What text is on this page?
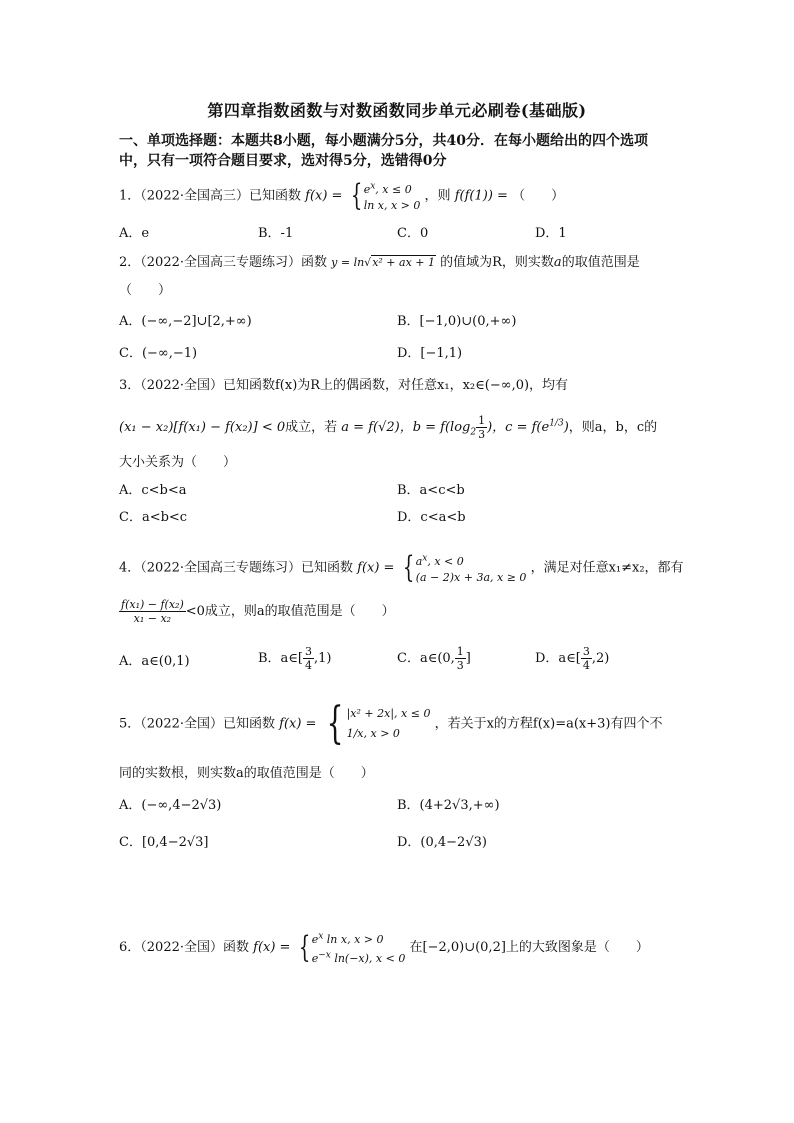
第四章指数函数与对数函数同步单元必刷卷(基础版)
一、单项选择题：本题共8小题，每小题满分5分，共40分．在每小题给出的四个选项
中，只有一项符合题目要求，选对得5分，选错得0分
1．（2022·全国高三）已知函数 f(x) = { $e^x$, x ≤ 0
ln x, x > 0 ，则 f(f(1)) = （　　）
A．e	B．-1	C．0	D．1
2．（2022·全国高三专题练习）函数 y = ln√x² + ax + 1 的值域为R，则实数a的取值范围是
（　　）
A．(−∞,−2]∪[2,+∞)	B．[−1,0)∪(0,+∞)
C．(−∞,−1)	D．[−1,1)
3．（2022·全国）已知函数f(x)为R上的偶函数，对任意x₁，x₂∈(−∞,0)，均有
(x₁ − x₂)[f(x₁) − f(x₂)] < 0成立，若 a = f(√2)，$b = f(\log_2 \frac{1}{3}$ )，$c = f(e^{1/3})$，则a，b，c的
大小关系为（　　）
A．c<b<a	B．a<c<b
C．a<b<c	D．c<a<b
4．（2022·全国高三专题练习）已知函数 f(x) = { $a^x$, x < 0
(a − 2)x + 3a, x ≥ 0 ，满足对任意x₁≠x₂，都有
$\frac{\text{f(x₁) − f(x₂)}}{\text{x₁ − x₂}} <0$成立，则a的取值范围是（　　）
A．a∈(0,1)	B．a∈[ $\frac{3}{4} ,1$)	C．a∈(0, $\frac{1}{3}$ ]	D．a∈[ $\frac{3}{4} ,2$)
5．（2022·全国）已知函数 f(x) = { |x² + 2x|, x ≤ 0
1/x, x > 0 ，若关于x的方程f(x)=a(x+3)有四个不
同的实数根，则实数a的取值范围是（　　）
A．(−∞,4−2√3)	B．(4+2√3,+∞)
C．[0,4−2√3]	D．(0,4−2√3)
6．（2022·全国）函数 f(x) = { $e^x$ ln x, x > 0
$e^{-x}$ ln(−x), x < 0 在[−2,0)∪(0,2]上的大致图象是（　　）
